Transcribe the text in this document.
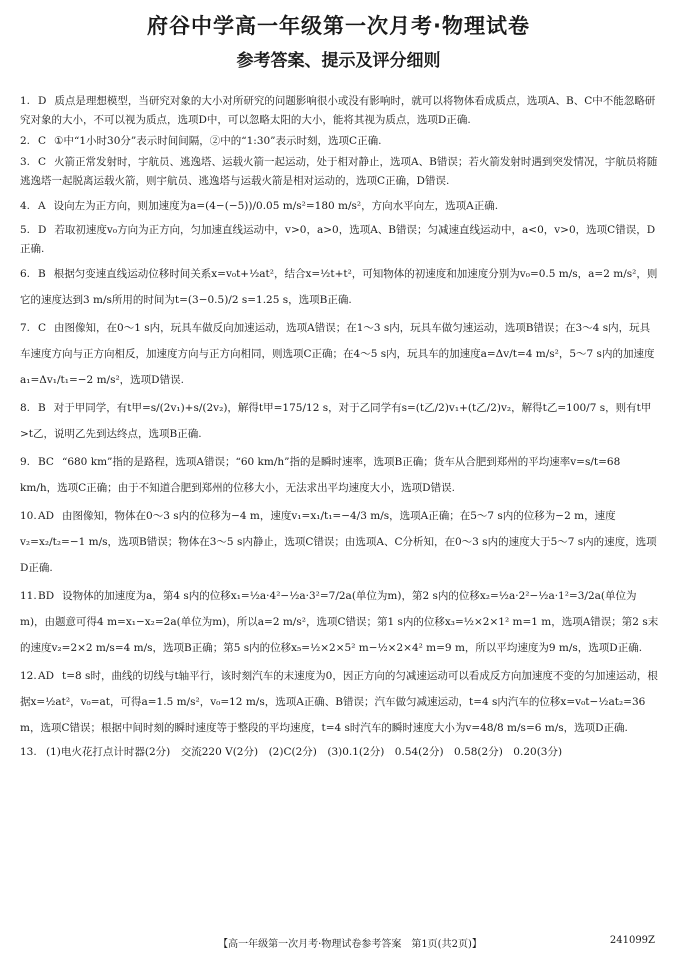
府谷中学高一年级第一次月考·物理试卷
参考答案、提示及评分细则
1. D 质点是理想模型，当研究对象的大小对所研究的问题影响很小或没有影响时，就可以将物体看成质点，选项A、B、C中不能忽略研究对象的大小，不可以视为质点，选项D中，可以忽略太阳的大小，能将其视为质点，选项D正确.
2. C ①中“1小时30分”表示时间间隔，②中的“1:30”表示时刻，选项C正确.
3. C 火箭正常发射时，宇航员、逃逸塔、运载火箭一起运动，处于相对静止，选项A、B错误；若火箭发射时遇到突发情况，宇航员将随逃逸塔一起脱离运载火箭，则宇航员、逃逸塔与运载火箭是相对运动的，选项C正确，D错误.
4. A 设向左为正方向，则加速度为a=(4−(−5))/0.05 m/s²=180 m/s²，方向水平向左，选项A正确.
5. D 若取初速度v₀方向为正方向，匀加速直线运动中，v>0，a>0，选项A、B错误；匀减速直线运动中，a<0，v>0，选项C错误，D正确.
6. B 根据匀变速直线运动位移时间关系x=v₀t+½at²，结合x=½t+t²，可知物体的初速度和加速度分别为v₀=0.5 m/s，a=2 m/s²，则它的速度达到3 m/s所用的时间为t=(3−0.5)/2 s=1.25 s，选项B正确.
7. C 由图像知，在0～1 s内，玩具车做反向加速运动，选项A错误；在1～3 s内，玩具车做匀速运动，选项B错误；在3～4 s内，玩具车速度方向与正方向相反，加速度方向与正方向相同，则选项C正确；在4～5 s内，玩具车的加速度a=Δv/t=4 m/s²，5～7 s内的加速度a₁=Δv₁/t₁=−2 m/s²，选项D错误.
8. B 对于甲同学，有t甲=s/(2v₁)+s/(2v₂)，解得t甲=175/12 s，对于乙同学有s=(t乙/2)v₁+(t乙/2)v₂，解得t乙=100/7 s，则有t甲>t乙，说明乙先到达终点，选项B正确.
9. BC “680 km”指的是路程，选项A错误；“60 km/h”指的是瞬时速率，选项B正确；货车从合肥到郑州的平均速率v=s/t=68 km/h，选项C正确；由于不知道合肥到郑州的位移大小，无法求出平均速度大小，选项D错误.
10.AD 由图像知，物体在0～3 s内的位移为−4 m，速度v₁=x₁/t₁=−4/3 m/s，选项A正确；在5～7 s内的位移为−2 m，速度v₂=x₂/t₂=−1 m/s，选项B错误；物体在3～5 s内静止，选项C错误；由选项A、C分析知，在0～3 s内的速度大于5～7 s内的速度，选项D正确.
11.BD 设物体的加速度为a，第4 s内的位移x₁=½a·4²−½a·3²=7/2a(单位为m)，第2 s内的位移x₂=½a·2²−½a·1²=3/2a(单位为m)，由题意可得4 m=x₁−x₂=2a(单位为m)，所以a=2 m/s²，选项C错误；第1 s内的位移x₃=½×2×1² m=1 m，选项A错误；第2 s末的速度v₂=2×2 m/s=4 m/s，选项B正确；第5 s内的位移x₅=½×2×5² m−½×2×4² m=9 m，所以平均速度为9 m/s，选项D正确.
12.AD t=8 s时，曲线的切线与t轴平行，该时刻汽车的末速度为0，因正方向的匀减速运动可以看成反方向加速度不变的匀加速运动，根据x=½at²，v₀=at，可得a=1.5 m/s²，v₀=12 m/s，选项A正确、B错误；汽车做匀减速运动，t=4 s内汽车的位移x=v₀t−½at₂=36 m，选项C错误；根据中间时刻的瞬时速度等于整段的平均速度，t=4 s时汽车的瞬时速度大小为v=48/8 m/s=6 m/s，选项D正确.
13. (1)电火花打点计时器(2分)　交流220 V(2分)　(2)C(2分)　(3)0.1(2分)　0.54(2分)　0.58(2分)　0.20(3分)
【高一年级第一次月考·物理试卷参考答案　第1页(共2页)】	241099Z
